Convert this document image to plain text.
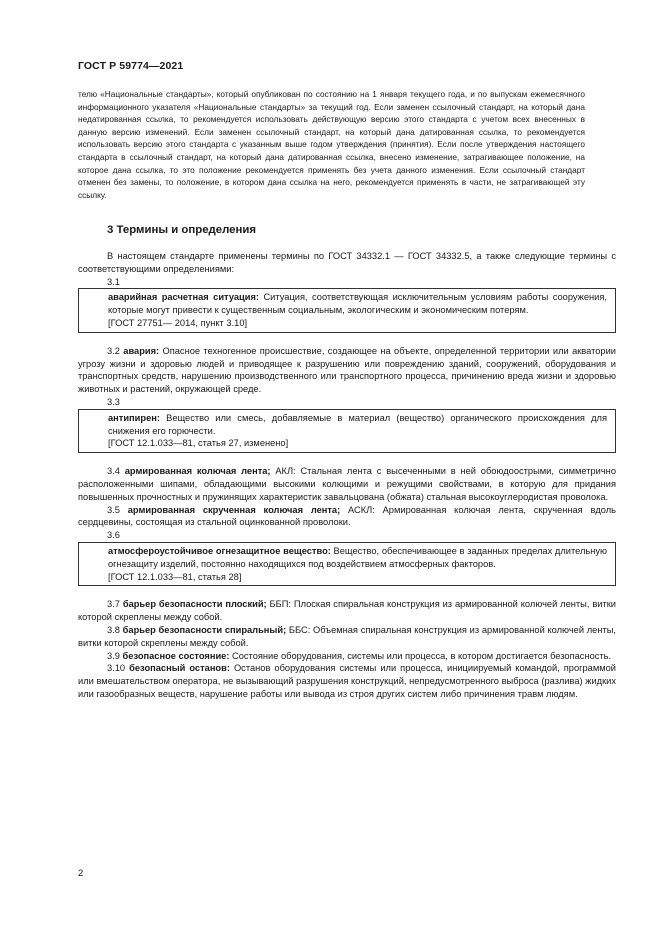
ГОСТ Р 59774—2021
телю «Национальные стандарты», который опубликован по состоянию на 1 января текущего года, и по выпускам ежемесячного информационного указателя «Национальные стандарты» за текущий год. Если заменен ссылочный стандарт, на который дана недатированная ссылка, то рекомендуется использовать действующую версию этого стандарта с учетом всех внесенных в данную версию изменений. Если заменен ссылочный стандарт, на который дана датированная ссылка, то рекомендуется использовать версию этого стандарта с указанным выше годом утверждения (принятия). Если после утверждения настоящего стандарта в ссылочный стандарт, на который дана датированная ссылка, внесено изменение, затрагивающее положение, на которое дана ссылка, то это положение рекомендуется применять без учета данного изменения. Если ссылочный стандарт отменен без замены, то положение, в котором дана ссылка на него, рекомендуется применять в части, не затрагивающей эту ссылку.
3 Термины и определения

В настоящем стандарте применены термины по ГОСТ 34332.1 — ГОСТ 34332.5, а также следующие термины с соответствующими определениями:

3.1
аварийная расчетная ситуация: Ситуация, соответствующая исключительным условиям работы сооружения, которые могут привести к существенным социальным, экологическим и экономическим потерям.
[ГОСТ 27751— 2014, пункт 3.10]

3.2 авария: Опасное техногенное происшествие, создающее на объекте, определенной территории или акватории угрозу жизни и здоровью людей и приводящее к разрушению или повреждению зданий, сооружений, оборудования и транспортных средств, нарушению производственного или транспортного процесса, причинению вреда жизни и здоровью животных и растений, окружающей среде.

3.3
антипирен: Вещество или смесь, добавляемые в материал (вещество) органического происхождения для снижения его горючести.
[ГОСТ 12.1.033—81, статья 27, изменено]

3.4 армированная колючая лента; АКЛ: Стальная лента с высеченными в ней обоюдоострыми, симметрично расположенными шипами, обладающими высокими колющими и режущими свойствами, в которую для придания повышенных прочностных и пружинящих характеристик завальцована (обжата) стальная высокоуглеродистая проволока.

3.5 армированная скрученная колючая лента; АСКЛ: Армированная колючая лента, скрученная вдоль сердцевины, состоящая из стальной оцинкованной проволоки.

3.6
атмосфероустойчивое огнезащитное вещество: Вещество, обеспечивающее в заданных пределах длительную огнезащиту изделий, постоянно находящихся под воздействием атмосферных факторов.
[ГОСТ 12.1.033—81, статья 28]

3.7 барьер безопасности плоский; ББП: Плоская спиральная конструкция из армированной колючей ленты, витки которой скреплены между собой.

3.8 барьер безопасности спиральный; ББС: Объемная спиральная конструкция из армированной колючей ленты, витки которой скреплены между собой.

3.9 безопасное состояние: Состояние оборудования, системы или процесса, в котором достигается безопасность.

3.10 безопасный останов: Останов оборудования системы или процесса, инициируемый командой, программой или вмешательством оператора, не вызывающий разрушения конструкций, непредусмотренного выброса (разлива) жидких или газообразных веществ, нарушение работы или вывода из строя других систем либо причинения травм людям.

2
